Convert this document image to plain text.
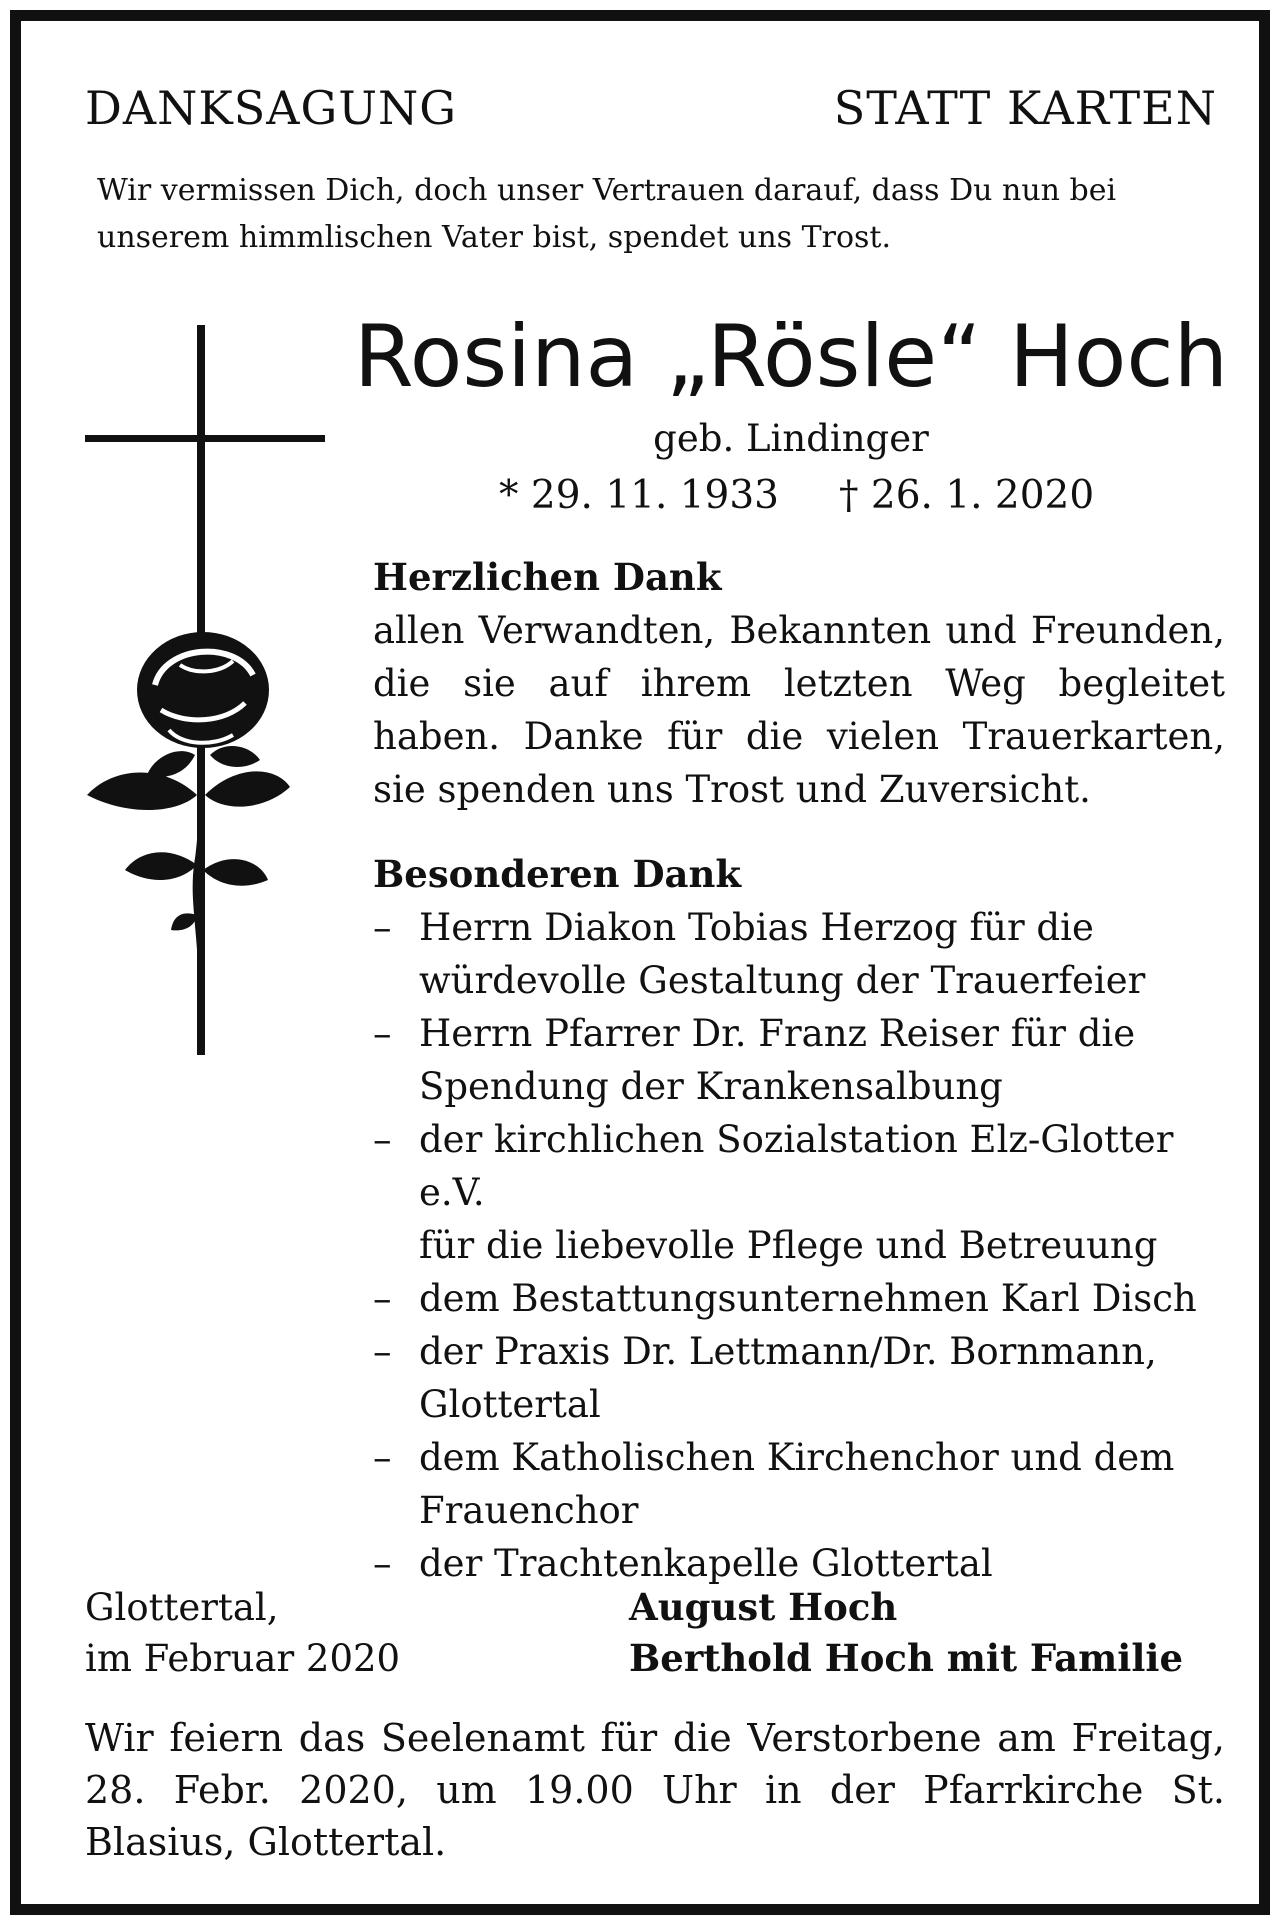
DANKSAGUNG	STATT KARTEN
Wir vermissen Dich, doch unser Vertrauen darauf, dass Du nun bei
unserem himmlischen Vater bist, spendet uns Trost.
Rosina „Rösle“ Hoch
geb. Lindinger
* 29. 11. 1933 † 26. 1. 2020
Herzlichen Dank
allen Verwandten, Bekannten und Freunden, die sie auf ihrem letzten Weg begleitet haben. Danke für die vielen Trauerkarten, sie spenden uns Trost und Zuversicht.
Besonderen Dank
– Herrn Diakon Tobias Herzog für die
würdevolle Gestaltung der Trauerfeier
– Herrn Pfarrer Dr. Franz Reiser für die
Spendung der Krankensalbung
– der kirchlichen Sozialstation Elz-Glotter e.V.
für die liebevolle Pflege und Betreuung
– dem Bestattungsunternehmen Karl Disch
– der Praxis Dr. Lettmann/Dr. Bornmann,
Glottertal
– dem Katholischen Kirchenchor und dem
Frauenchor
– der Trachtenkapelle Glottertal
Glottertal,
im Februar 2020
August Hoch
Berthold Hoch mit Familie
Wir feiern das Seelenamt für die Verstorbene am Freitag, 28. Febr. 2020, um 19.00 Uhr in der Pfarrkirche St. Blasius, Glottertal.
